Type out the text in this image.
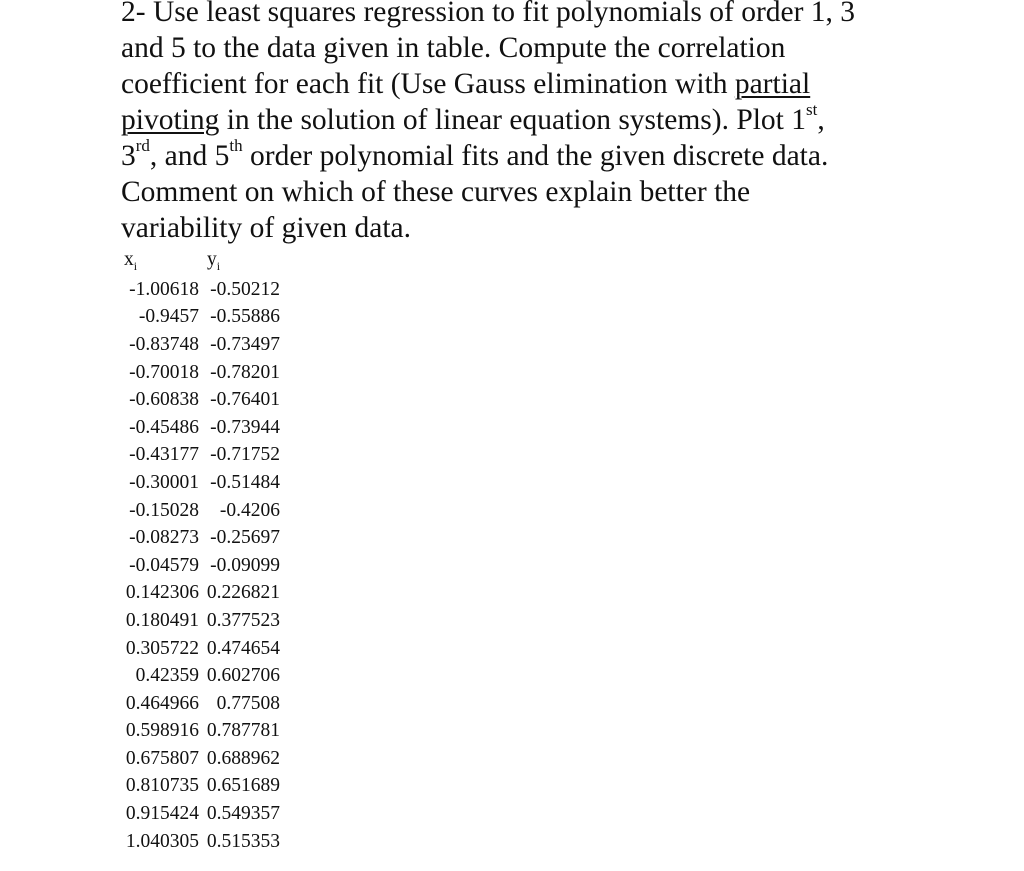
2- Use least squares regression to fit polynomials of order 1, 3
and 5 to the data given in table. Compute the correlation
coefficient for each fit (Use Gauss elimination with partial
pivoting in the solution of linear equation systems). Plot 1st,
3rd, and 5th order polynomial fits and the given discrete data.
Comment on which of these curves explain better the
variability of given data.
$x_i$	$y_i$
-1.00618	-0.50212
-0.9457	-0.55886
-0.83748	-0.73497
-0.70018	-0.78201
-0.60838	-0.76401
-0.45486	-0.73944
-0.43177	-0.71752
-0.30001	-0.51484
-0.15028	-0.4206
-0.08273	-0.25697
-0.04579	-0.09099
0.142306	0.226821
0.180491	0.377523
0.305722	0.474654
0.42359	0.602706
0.464966	0.77508
0.598916	0.787781
0.675807	0.688962
0.810735	0.651689
0.915424	0.549357
1.040305	0.515353
